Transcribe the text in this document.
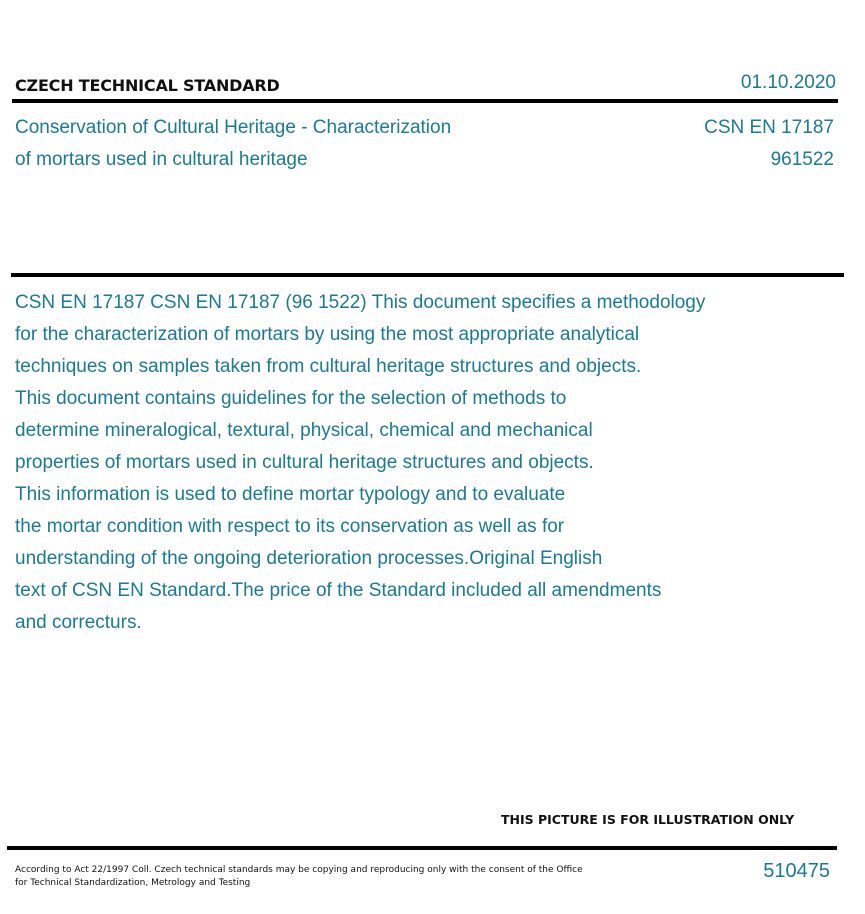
CZECH TECHNICAL STANDARD	01.10.2020
Conservation of Cultural Heritage - Characterization
of mortars used in cultural heritage
CSN EN 17187
961522
CSN EN 17187 CSN EN 17187 (96 1522) This document specifies a methodology
for the characterization of mortars by using the most appropriate analytical
techniques on samples taken from cultural heritage structures and objects.
This document contains guidelines for the selection of methods to
determine mineralogical, textural, physical, chemical and mechanical
properties of mortars used in cultural heritage structures and objects.
This information is used to define mortar typology and to evaluate
the mortar condition with respect to its conservation as well as for
understanding of the ongoing deterioration processes.Original English
text of CSN EN Standard.The price of the Standard included all amendments
and correcturs.
THIS PICTURE IS FOR ILLUSTRATION ONLY
According to Act 22/1997 Coll. Czech technical standards may be copying and reproducing only with the consent of the Office
for Technical Standardization, Metrology and Testing
510475
